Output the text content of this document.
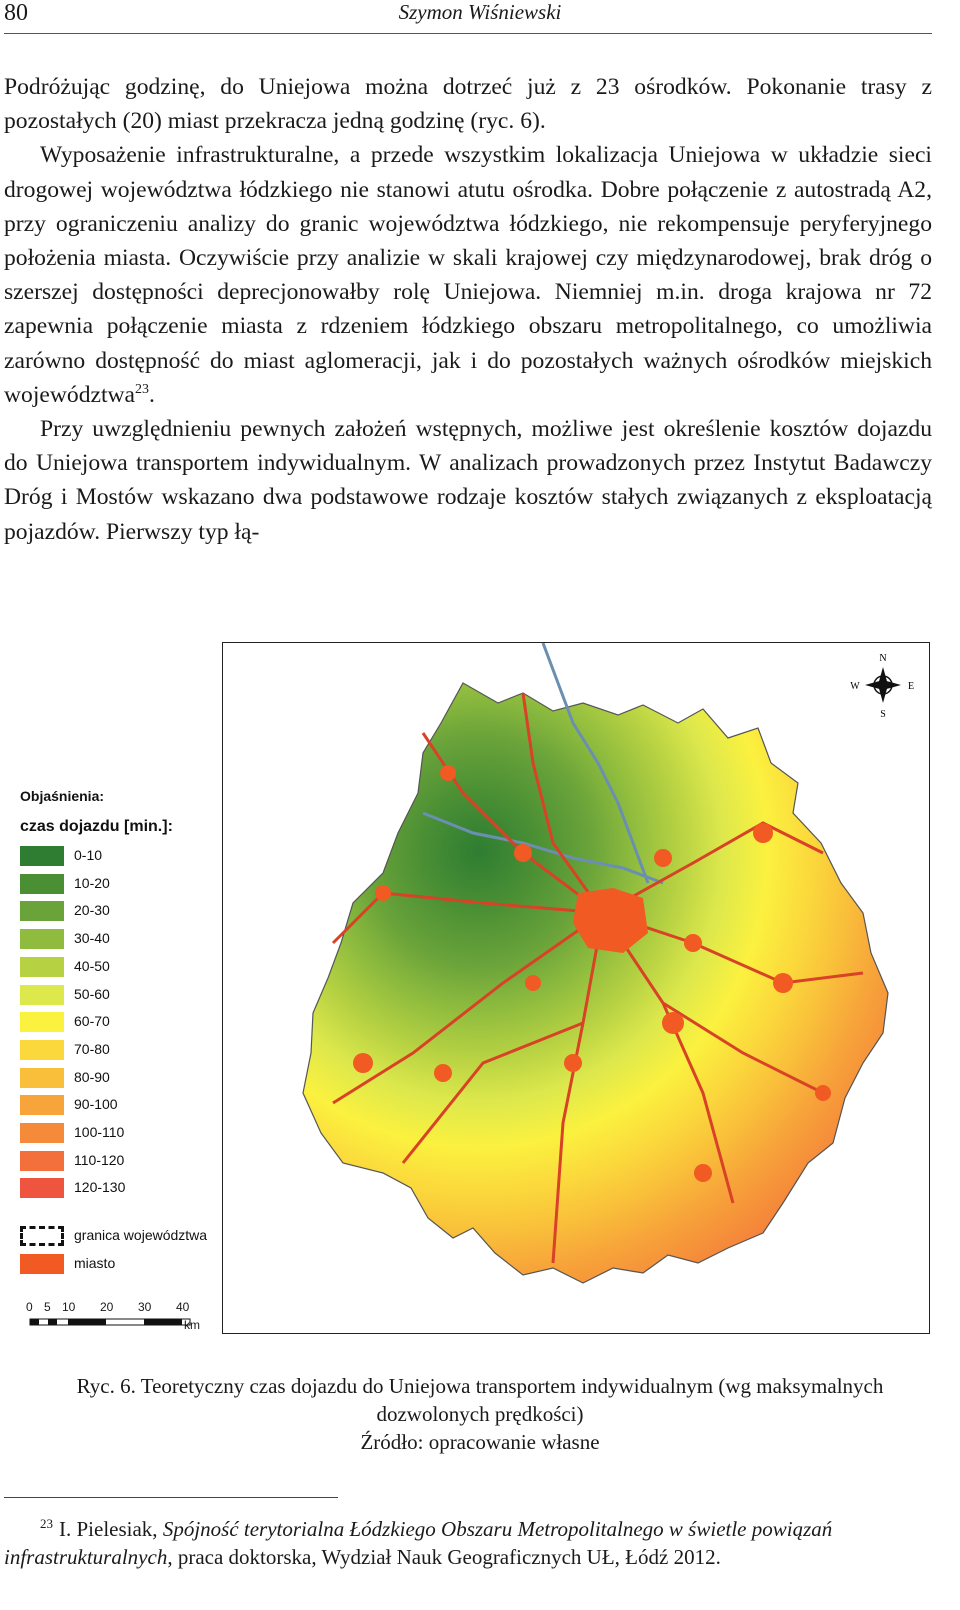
80	Szymon Wiśniewski

Podróżując godzinę, do Uniejowa można dotrzeć już z 23 ośrodków. Pokonanie trasy z pozostałych (20) miast przekracza jedną godzinę (ryc. 6).

Wyposażenie infrastrukturalne, a przede wszystkim lokalizacja Uniejowa w układzie sieci drogowej województwa łódzkiego nie stanowi atutu ośrodka. Dobre połączenie z autostradą A2, przy ograniczeniu analizy do granic województwa łódzkiego, nie rekompensuje peryferyjnego położenia miasta. Oczywiście przy analizie w skali krajowej czy międzynarodowej, brak dróg o szerszej dostępności deprecjonowałby rolę Uniejowa. Niemniej m.in. droga krajowa nr 72 zapewnia połączenie miasta z rdzeniem łódzkiego obszaru metropolitalnego, co umożliwia zarówno dostępność do miast aglomeracji, jak i do pozostałych ważnych ośrodków miejskich województwa$^{23}$.

Przy uwzględnieniu pewnych założeń wstępnych, możliwe jest określenie kosztów dojazdu do Uniejowa transportem indywidualnym. W analizach prowadzonych przez Instytut Badawczy Dróg i Mostów wskazano dwa podstawowe rodzaje kosztów stałych związanych z eksploatacją pojazdów. Pierwszy typ łą-

N
S
E
W
Objaśnienia:
czas dojazdu [min.]:
0-10
10-20
20-30
30-40
40-50
50-60
60-70
70-80
80-90
90-100
100-110
110-120
120-130
granica województwa
miasto
0 5 10 20 30 40
km
Ryc. 6. Teoretyczny czas dojazdu do Uniejowa transportem indywidualnym (wg maksymalnych dozwolonych prędkości)
Źródło: opracowanie własne
$^{23}$ I. Pielesiak, Spójność terytorialna Łódzkiego Obszaru Metropolitalnego w świetle powiązań infrastrukturalnych, praca doktorska, Wydział Nauk Geograficznych UŁ, Łódź 2012.
